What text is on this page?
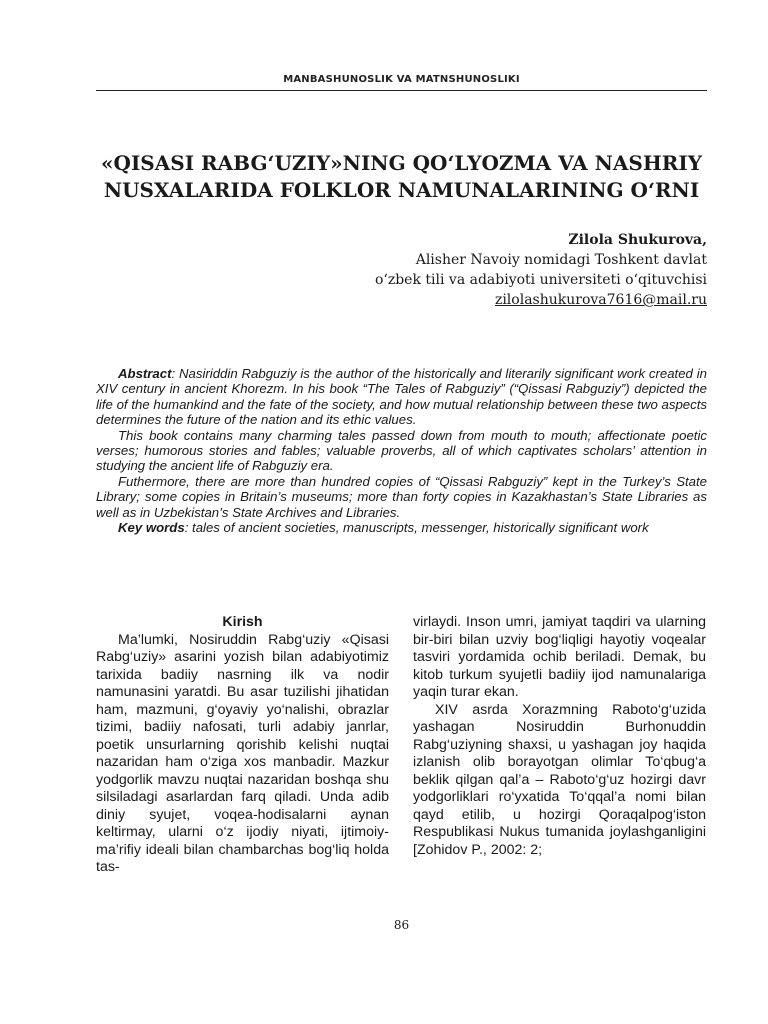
MANBASHUNOSLIK VA MATNSHUNOSLIKI
«QISASI RABG‘UZIY»NING QO‘LYOZMA VA NASHRIY
NUSXALARIDA FOLKLOR NAMUNALARINING O‘RNI
Zilola Shukurova,
Alisher Navoiy nomidagi Toshkent davlat
o‘zbek tili va adabiyoti universiteti o‘qituvchisi
zilolashukurova7616@mail.ru

Abstract: Nasiriddin Rabguziy is the author of the historically and literarily significant work created in XIV century in ancient Khorezm. In his book “The Tales of Rabguziy” (“Qissasi Rabguziy”) depicted the life of the humankind and the fate of the society, and how mutual relationship between these two aspects determines the future of the nation and its ethic values.

This book contains many charming tales passed down from mouth to mouth; affectionate poetic verses; humorous stories and fables; valuable proverbs, all of which captivates scholars’ attention in studying the ancient life of Rabguziy era.

Futhermore, there are more than hundred copies of “Qissasi Rabguziy” kept in the Turkey’s State Library; some copies in Britain’s museums; more than forty copies in Kazakhastan’s State Libraries as well as in Uzbekistan’s State Archives and Libraries.

Key words: tales of ancient societies, manuscripts, messenger, historically significant work

Kirish

Ma’lumki, Nosiruddin Rabg‘uziy «Qisasi Rabg‘uziy» asarini yozish bilan adabiyotimiz tarixida badiiy nasrning ilk va nodir namunasini yaratdi. Bu asar tuzilishi jihatidan ham, mazmuni, g‘oyaviy yo‘nalishi, obrazlar tizimi, badiiy nafosati, turli adabiy janrlar, poetik unsurlarning qorishib kelishi nuqtai nazaridan ham o‘ziga xos manbadir. Mazkur yodgorlik mavzu nuqtai nazaridan boshqa shu silsiladagi asarlardan farq qiladi. Unda adib diniy syujet, voqea-hodisalarni aynan keltirmay, ularni o‘z ijodiy niyati, ijtimoiy-ma’rifiy ideali bilan chambarchas bog‘liq holda tas-

virlaydi. Inson umri, jamiyat taqdiri va ularning bir-biri bilan uzviy bog‘liqligi hayotiy voqealar tasviri yordamida ochib beriladi. Demak, bu kitob turkum syujetli badiiy ijod namunalariga yaqin turar ekan.

XIV asrda Xorazmning Raboto‘g‘uzida yashagan Nosiruddin Burhonuddin Rabg‘uziyning shaxsi, u yashagan joy haqida izlanish olib borayotgan olimlar To‘qbug‘a beklik qilgan qal’a – Raboto‘g‘uz hozirgi davr yodgorliklari ro‘yxatida To‘qqal’a nomi bilan qayd etilib, u hozirgi Qoraqalpog‘iston Respublikasi Nukus tumanida joylashganligini [Zohidov P., 2002: 2;

86
